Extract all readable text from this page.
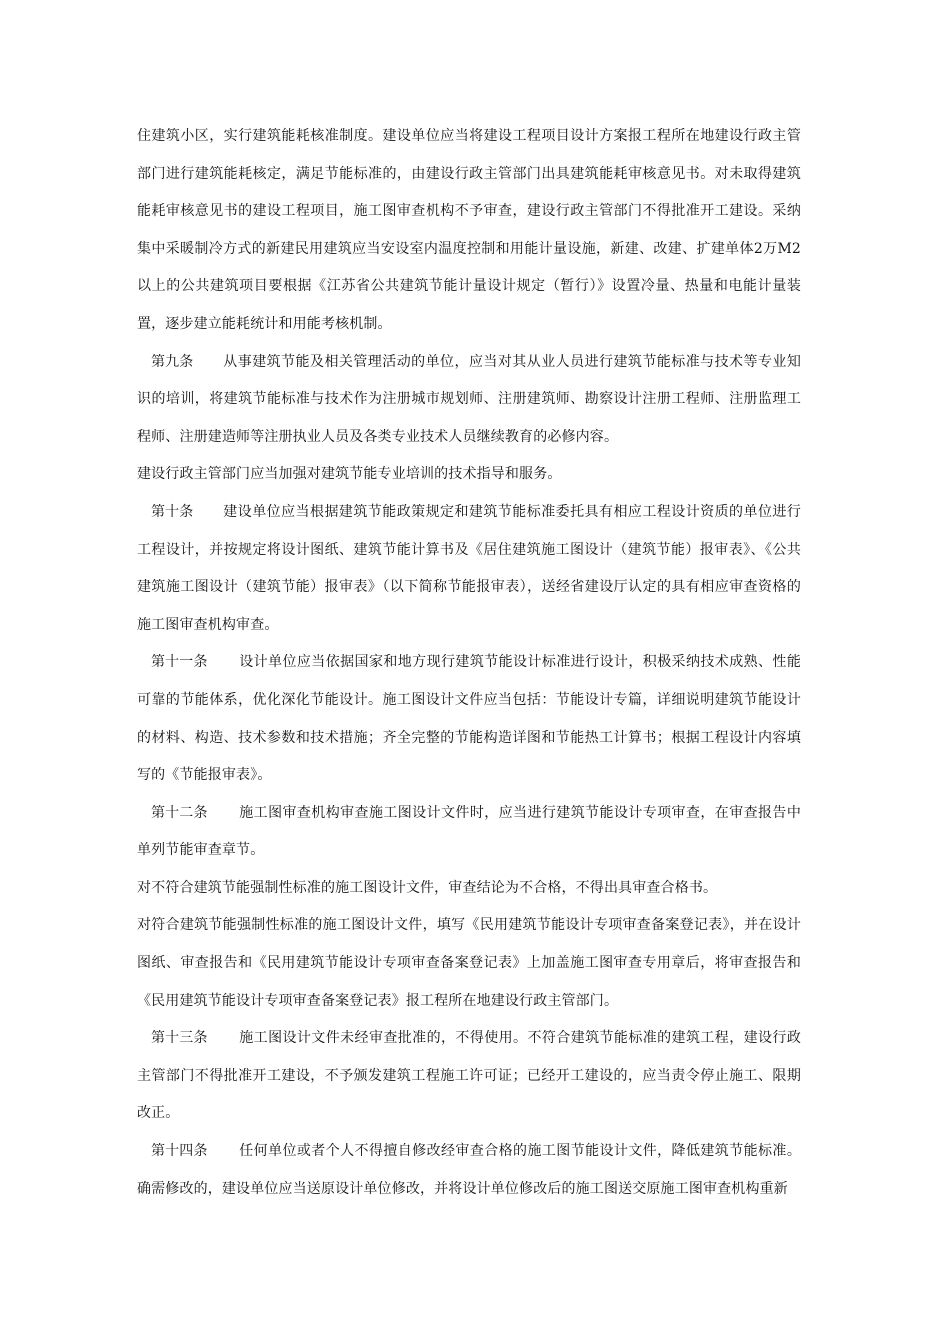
住建筑小区，实行建筑能耗核准制度。建设单位应当将建设工程项目设计方案报工程所在地建设行政主管部门进行建筑能耗核定，满足节能标准的，由建设行政主管部门出具建筑能耗审核意见书。对未取得建筑能耗审核意见书的建设工程项目，施工图审查机构不予审查，建设行政主管部门不得批准开工建设。采纳集中采暖制冷方式的新建民用建筑应当安设室内温度控制和用能计量设施，新建、改建、扩建单体2万M2以上的公共建筑项目要根据《江苏省公共建筑节能计量设计规定（暂行）》设置冷量、热量和电能计量装置，逐步建立能耗统计和用能考核机制。

第九条 从事建筑节能及相关管理活动的单位，应当对其从业人员进行建筑节能标准与技术等专业知识的培训，将建筑节能标准与技术作为注册城市规划师、注册建筑师、勘察设计注册工程师、注册监理工程师、注册建造师等注册执业人员及各类专业技术人员继续教育的必修内容。

建设行政主管部门应当加强对建筑节能专业培训的技术指导和服务。

第十条 建设单位应当根据建筑节能政策规定和建筑节能标准委托具有相应工程设计资质的单位进行工程设计，并按规定将设计图纸、建筑节能计算书及《居住建筑施工图设计（建筑节能）报审表》、《公共建筑施工图设计（建筑节能）报审表》（以下简称节能报审表），送经省建设厅认定的具有相应审查资格的施工图审查机构审查。

第十一条 设计单位应当依据国家和地方现行建筑节能设计标准进行设计，积极采纳技术成熟、性能可靠的节能体系，优化深化节能设计。施工图设计文件应当包括：节能设计专篇，详细说明建筑节能设计的材料、构造、技术参数和技术措施；齐全完整的节能构造详图和节能热工计算书；根据工程设计内容填写的《节能报审表》。

第十二条 施工图审查机构审查施工图设计文件时，应当进行建筑节能设计专项审查，在审查报告中单列节能审查章节。

对不符合建筑节能强制性标准的施工图设计文件，审查结论为不合格，不得出具审查合格书。

对符合建筑节能强制性标准的施工图设计文件，填写《民用建筑节能设计专项审查备案登记表》，并在设计图纸、审查报告和《民用建筑节能设计专项审查备案登记表》上加盖施工图审查专用章后，将审查报告和《民用建筑节能设计专项审查备案登记表》报工程所在地建设行政主管部门。

第十三条 施工图设计文件未经审查批准的，不得使用。不符合建筑节能标准的建筑工程，建设行政主管部门不得批准开工建设，不予颁发建筑工程施工许可证；已经开工建设的，应当责令停止施工、限期改正。

第十四条 任何单位或者个人不得擅自修改经审查合格的施工图节能设计文件，降低建筑节能标准。确需修改的，建设单位应当送原设计单位修改，并将设计单位修改后的施工图送交原施工图审查机构重新
